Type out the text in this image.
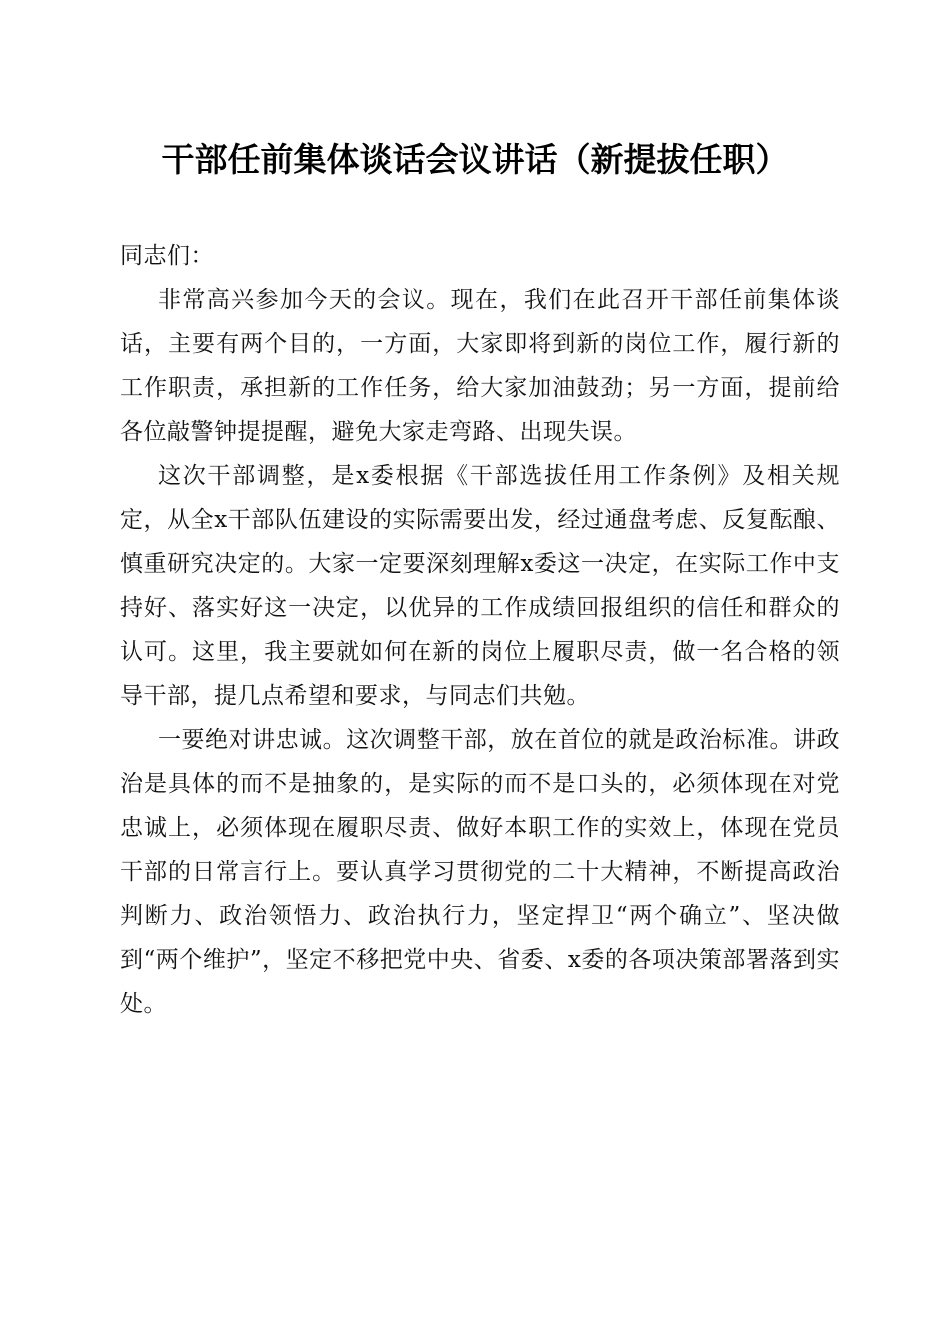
干部任前集体谈话会议讲话（新提拔任职）

同志们：

非常高兴参加今天的会议。现在，我们在此召开干部任前集体谈话，主要有两个目的，一方面，大家即将到新的岗位工作，履行新的工作职责，承担新的工作任务，给大家加油鼓劲；另一方面，提前给各位敲警钟提提醒，避免大家走弯路、出现失误。

这次干部调整，是x委根据《干部选拔任用工作条例》及相关规定，从全x干部队伍建设的实际需要出发，经过通盘考虑、反复酝酿、慎重研究决定的。大家一定要深刻理解x委这一决定，在实际工作中支持好、落实好这一决定，以优异的工作成绩回报组织的信任和群众的认可。这里，我主要就如何在新的岗位上履职尽责，做一名合格的领导干部，提几点希望和要求，与同志们共勉。

一要绝对讲忠诚。这次调整干部，放在首位的就是政治标准。讲政治是具体的而不是抽象的，是实际的而不是口头的，必须体现在对党忠诚上，必须体现在履职尽责、做好本职工作的实效上，体现在党员干部的日常言行上。要认真学习贯彻党的二十大精神，不断提高政治判断力、政治领悟力、政治执行力，坚定捍卫“两个确立”、坚决做到“两个维护”，坚定不移把党中央、省委、x委的各项决策部署落到实处。
